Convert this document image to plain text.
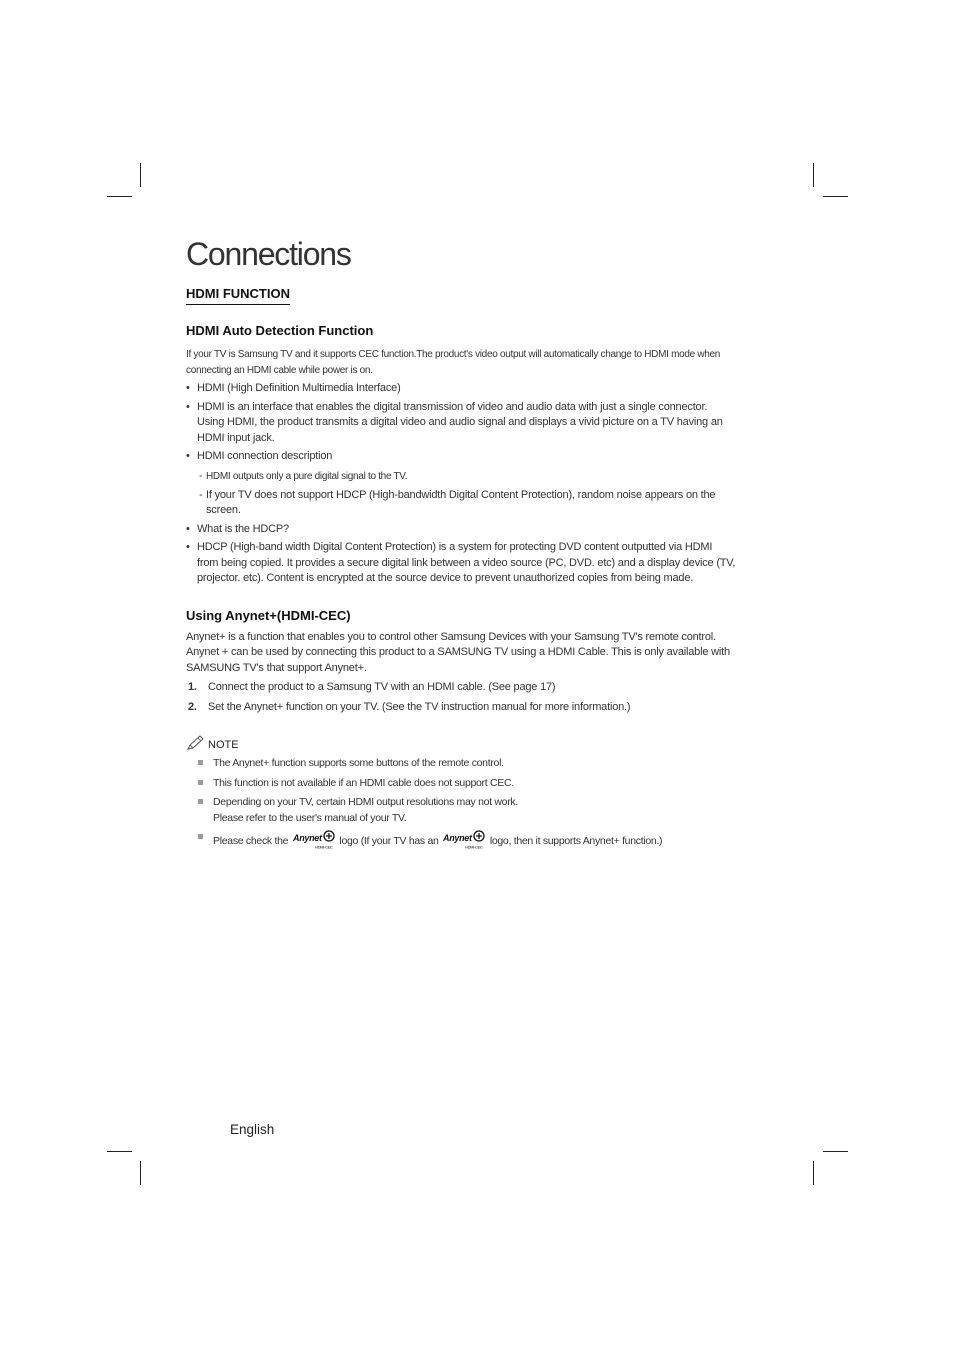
Connections
HDMI FUNCTION
HDMI Auto Detection Function
If your TV is Samsung TV and it supports CEC function.The product's video output will automatically change to HDMI mode when connecting an HDMI cable while power is on.
• HDMI (High Definition Multimedia Interface)
• HDMI is an interface that enables the digital transmission of video and audio data with just a single connector. Using HDMI, the product transmits a digital video and audio signal and displays a vivid picture on a TV having an HDMI input jack.
• HDMI connection description
- HDMI outputs only a pure digital signal to the TV.
- If your TV does not support HDCP (High-bandwidth Digital Content Protection), random noise appears on the screen.
• What is the HDCP?
• HDCP (High-band width Digital Content Protection) is a system for protecting DVD content outputted via HDMI from being copied. It provides a secure digital link between a video source (PC, DVD. etc) and a display device (TV, projector. etc). Content is encrypted at the source device to prevent unauthorized copies from being made.
Using Anynet+(HDMI-CEC)
Anynet+ is a function that enables you to control other Samsung Devices with your Samsung TV's remote control. Anynet + can be used by connecting this product to a SAMSUNG TV using a HDMI Cable. This is only available with SAMSUNG TV's that support Anynet+.
1. Connect the product to a Samsung TV with an HDMI cable. (See page 17)
2. Set the Anynet+ function on your TV. (See the TV instruction manual for more information.)
NOTE
The Anynet+ function supports some buttons of the remote control.
This function is not available if an HDMI cable does not support CEC.
Depending on your TV, certain HDMI output resolutions may not work.
Please refer to the user's manual of your TV.
Please check the Anynet
HDMI-CEC logo (If your TV has an Anynet
HDMI-CEC logo, then it supports Anynet+ function.)
English
